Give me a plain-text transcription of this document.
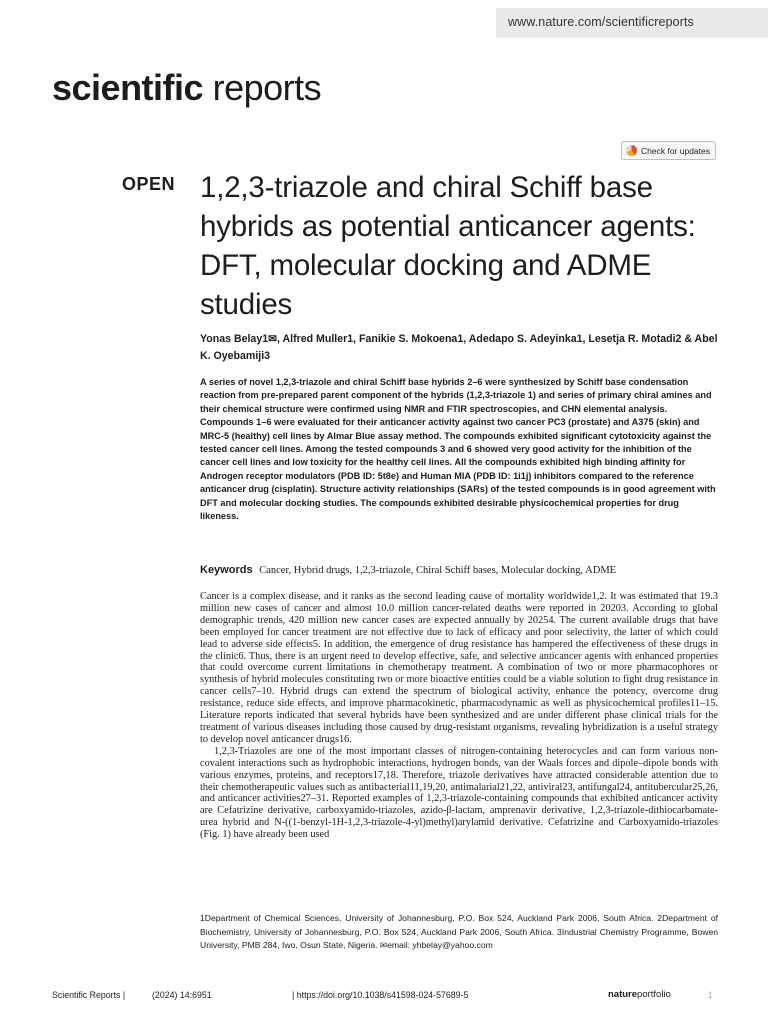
www.nature.com/scientificreports
scientific reports
Check for updates
OPEN 1,2,3-triazole and chiral Schiff base hybrids as potential anticancer agents: DFT, molecular docking and ADME studies
Yonas Belay1✉, Alfred Muller1, Fanikie S. Mokoena1, Adedapo S. Adeyinka1, Lesetja R. Motadi2 & Abel K. Oyebamiji3

A series of novel 1,2,3-triazole and chiral Schiff base hybrids 2–6 were synthesized by Schiff base condensation reaction from pre-prepared parent component of the hybrids (1,2,3-triazole 1) and series of primary chiral amines and their chemical structure were confirmed using NMR and FTIR spectroscopies, and CHN elemental analysis. Compounds 1–6 were evaluated for their anticancer activity against two cancer PC3 (prostate) and A375 (skin) and MRC-5 (healthy) cell lines by Almar Blue assay method. The compounds exhibited significant cytotoxicity against the tested cancer cell lines. Among the tested compounds 3 and 6 showed very good activity for the inhibition of the cancer cell lines and low toxicity for the healthy cell lines. All the compounds exhibited high binding affinity for Androgen receptor modulators (PDB ID: 5t8e) and Human MIA (PDB ID: 1i1j) inhibitors compared to the reference anticancer drug (cisplatin). Structure activity relationships (SARs) of the tested compounds is in good agreement with DFT and molecular docking studies. The compounds exhibited desirable physicochemical properties for drug likeness.

Keywords Cancer, Hybrid drugs, 1,2,3-triazole, Chiral Schiff bases, Molecular docking, ADME

Cancer is a complex disease, and it ranks as the second leading cause of mortality worldwide1,2. It was estimated that 19.3 million new cases of cancer and almost 10.0 million cancer-related deaths were reported in 20203. According to global demographic trends, 420 million new cancer cases are expected annually by 20254. The current available drugs that have been employed for cancer treatment are not effective due to lack of efficacy and poor selectivity, the latter of which could lead to adverse side effects5. In addition, the emergence of drug resistance has hampered the effectiveness of these drugs in the clinic6. Thus, there is an urgent need to develop effective, safe, and selective anticancer agents with enhanced properties that could overcome current limitations in chemotherapy treatment. A combination of two or more pharmacophores or synthesis of hybrid molecules constituting two or more bioactive entities could be a viable solution to fight drug resistance in cancer cells7–10. Hybrid drugs can extend the spectrum of biological activity, enhance the potency, overcome drug resistance, reduce side effects, and improve pharmacokinetic, pharmacodynamic as well as physicochemical profiles11–15. Literature reports indicated that several hybrids have been synthesized and are under different phase clinical trials for the treatment of various diseases including those caused by drug-resistant organisms, revealing hybridization is a useful strategy to develop novel anticancer drugs16.

1,2,3-Triazoles are one of the most important classes of nitrogen-containing heterocycles and can form various non-covalent interactions such as hydrophobic interactions, hydrogen bonds, van der Waals forces and dipole–dipole bonds with various enzymes, proteins, and receptors17,18. Therefore, triazole derivatives have attracted considerable attention due to their chemotherapeutic values such as antibacterial11,19,20, antimalarial21,22, antiviral23, antifungal24, antitubercular25,26, and anticancer activities27–31. Reported examples of 1,2,3-triazole-containing compounds that exhibited anticancer activity are Cefatrizine derivative, carboxyamido-triazoles, azido-β-lactam, amprenavir derivative, 1,2,3-triazole-dithiocarbamate-urea hybrid and N-((1-benzyl-1H-1,2,3-triazole-4-yl)methyl)arylamid derivative. Cefatrizine and Carboxyamido-triazoles (Fig. 1) have already been used

1Department of Chemical Sciences, University of Johannesburg, P.O. Box 524, Auckland Park 2006, South Africa. 2Department of Biochemistry, University of Johannesburg, P.O. Box 524, Auckland Park 2006, South Africa. 3Industrial Chemistry Programme, Bowen University, PMB 284, Iwo, Osun State, Nigeria. ✉email: yhbelay@yahoo.com

Scientific Reports |	(2024) 14:6951	| https://doi.org/10.1038/s41598-024-57689-5	natureportfolio	1
